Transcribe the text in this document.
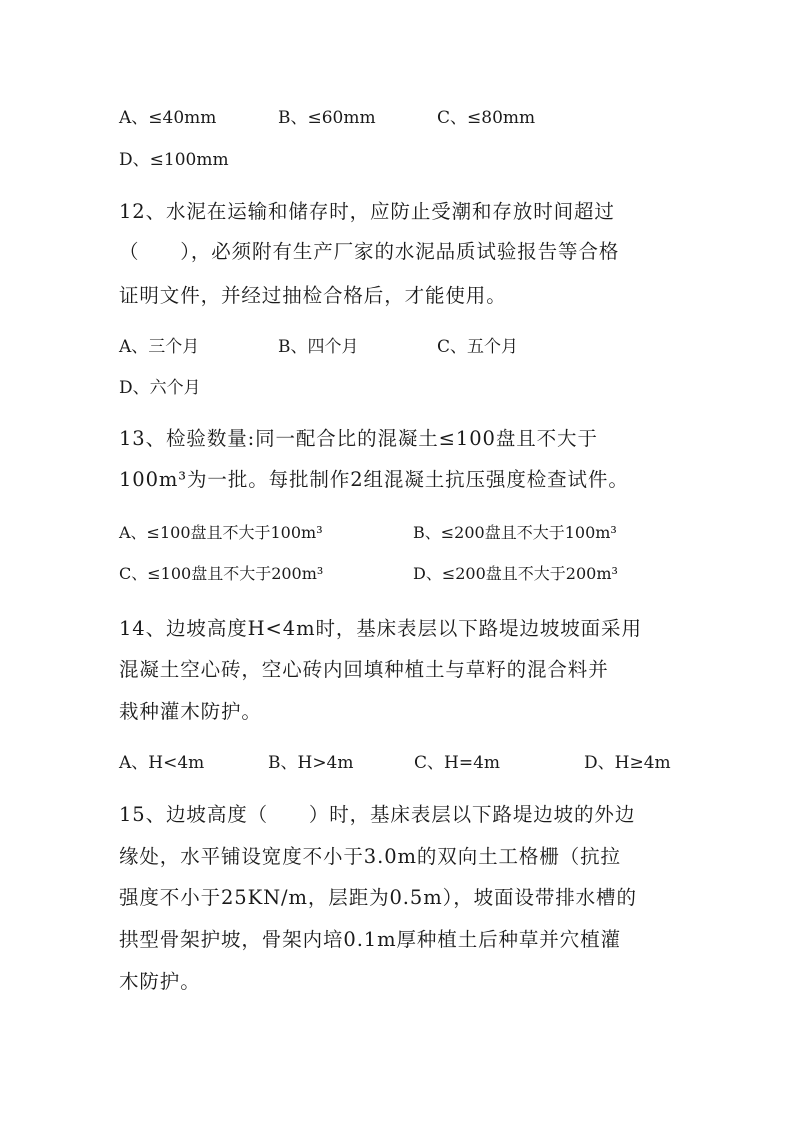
A、≤40mm	B、≤60mm	C、≤80mm
D、≤100mm
12、水泥在运输和储存时，应防止受潮和存放时间超过
（　　），必须附有生产厂家的水泥品质试验报告等合格
证明文件，并经过抽检合格后，才能使用。
A、三个月	B、四个月	C、五个月
D、六个月
13、检验数量:同一配合比的混凝土≤100盘且不大于
100m³为一批。每批制作2组混凝土抗压强度检查试件。
A、≤100盘且不大于100m³	B、≤200盘且不大于100m³
C、≤100盘且不大于200m³	D、≤200盘且不大于200m³
14、边坡高度H<4m时，基床表层以下路堤边坡坡面采用
混凝土空心砖，空心砖内回填种植土与草籽的混合料并
栽种灌木防护。
A、H<4m	B、H>4m	C、H=4m	D、H≥4m
15、边坡高度（　　）时，基床表层以下路堤边坡的外边
缘处，水平铺设宽度不小于3.0m的双向土工格栅（抗拉
强度不小于25KN/m，层距为0.5m），坡面设带排水槽的
拱型骨架护坡，骨架内培0.1m厚种植土后种草并穴植灌
木防护。
